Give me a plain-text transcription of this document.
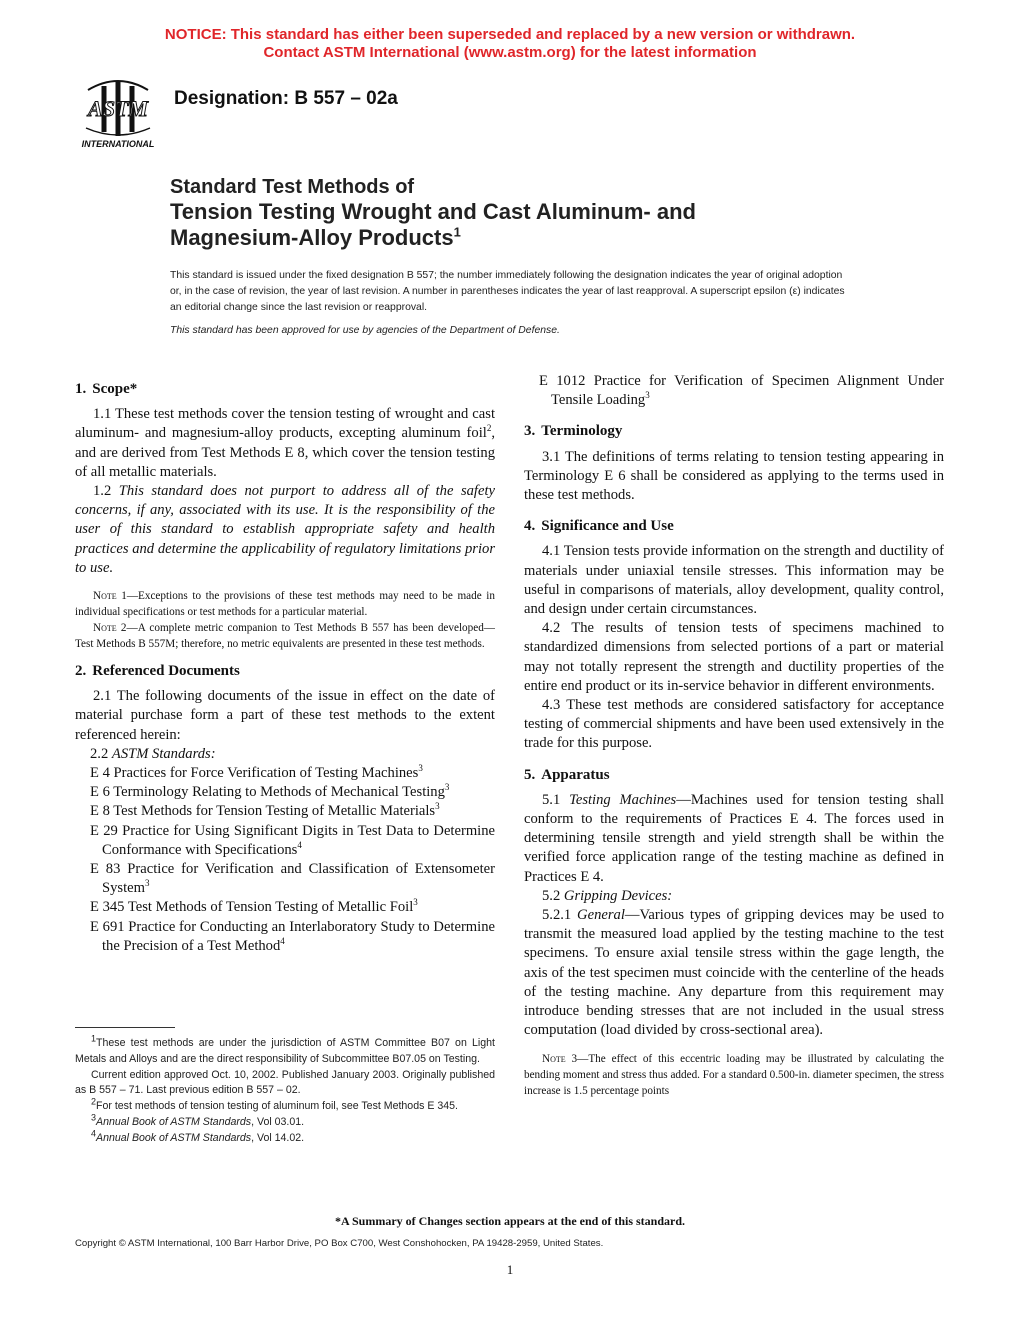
NOTICE: This standard has either been superseded and replaced by a new version or withdrawn.
Contact ASTM International (www.astm.org) for the latest information
ASTM
INTERNATIONAL
Designation: B 557 – 02a
Standard Test Methods of
Tension Testing Wrought and Cast Aluminum- and
Magnesium-Alloy Products$^1$
This standard is issued under the fixed designation B 557; the number immediately following the designation indicates the year of original adoption or, in the case of revision, the year of last revision. A number in parentheses indicates the year of last reapproval. A superscript epsilon (ε) indicates an editorial change since the last revision or reapproval.
This standard has been approved for use by agencies of the Department of Defense.
1. Scope*

1.1 These test methods cover the tension testing of wrought and cast aluminum- and magnesium-alloy products, excepting aluminum foil$^2$, and are derived from Test Methods E 8, which cover the tension testing of all metallic materials.

1.2 This standard does not purport to address all of the safety concerns, if any, associated with its use. It is the responsibility of the user of this standard to establish appropriate safety and health practices and determine the applicability of regulatory limitations prior to use.

Note 1—Exceptions to the provisions of these test methods may need to be made in individual specifications or test methods for a particular material.

Note 2—A complete metric companion to Test Methods B 557 has been developed—Test Methods B 557M; therefore, no metric equivalents are presented in these test methods.

2. Referenced Documents

2.1 The following documents of the issue in effect on the date of material purchase form a part of these test methods to the extent referenced herein:

2.2 ASTM Standards:

E 4 Practices for Force Verification of Testing Machines$^3$

E 6 Terminology Relating to Methods of Mechanical Testing$^3$

E 8 Test Methods for Tension Testing of Metallic Materials$^3$

E 29 Practice for Using Significant Digits in Test Data to Determine Conformance with Specifications$^4$

E 83 Practice for Verification and Classification of Extensometer System$^3$

E 345 Test Methods of Tension Testing of Metallic Foil$^3$

E 691 Practice for Conducting an Interlaboratory Study to Determine the Precision of a Test Method$^4$

E 1012 Practice for Verification of Specimen Alignment Under Tensile Loading$^3$

3. Terminology

3.1 The definitions of terms relating to tension testing appearing in Terminology E 6 shall be considered as applying to the terms used in these test methods.

4. Significance and Use

4.1 Tension tests provide information on the strength and ductility of materials under uniaxial tensile stresses. This information may be useful in comparisons of materials, alloy development, quality control, and design under certain circumstances.

4.2 The results of tension tests of specimens machined to standardized dimensions from selected portions of a part or material may not totally represent the strength and ductility properties of the entire end product or its in-service behavior in different environments.

4.3 These test methods are considered satisfactory for acceptance testing of commercial shipments and have been used extensively in the trade for this purpose.

5. Apparatus

5.1 Testing Machines—Machines used for tension testing shall conform to the requirements of Practices E 4. The forces used in determining tensile strength and yield strength shall be within the verified force application range of the testing machine as defined in Practices E 4.

5.2 Gripping Devices:

5.2.1 General—Various types of gripping devices may be used to transmit the measured load applied by the testing machine to the test specimens. To ensure axial tensile stress within the gage length, the axis of the test specimen must coincide with the centerline of the heads of the testing machine. Any departure from this requirement may introduce bending stresses that are not included in the usual stress computation (load divided by cross-sectional area).

Note 3—The effect of this eccentric loading may be illustrated by calculating the bending moment and stress thus added. For a standard 0.500-in. diameter specimen, the stress increase is 1.5 percentage points

$^1$These test methods are under the jurisdiction of ASTM Committee B07 on Light Metals and Alloys and are the direct responsibility of Subcommittee B07.05 on Testing.

Current edition approved Oct. 10, 2002. Published January 2003. Originally published as B 557 – 71. Last previous edition B 557 – 02.

$^2$For test methods of tension testing of aluminum foil, see Test Methods E 345.

$^3$Annual Book of ASTM Standards, Vol 03.01.

$^4$Annual Book of ASTM Standards, Vol 14.02.

*A Summary of Changes section appears at the end of this standard.
Copyright © ASTM International, 100 Barr Harbor Drive, PO Box C700, West Conshohocken, PA 19428-2959, United States.
1
